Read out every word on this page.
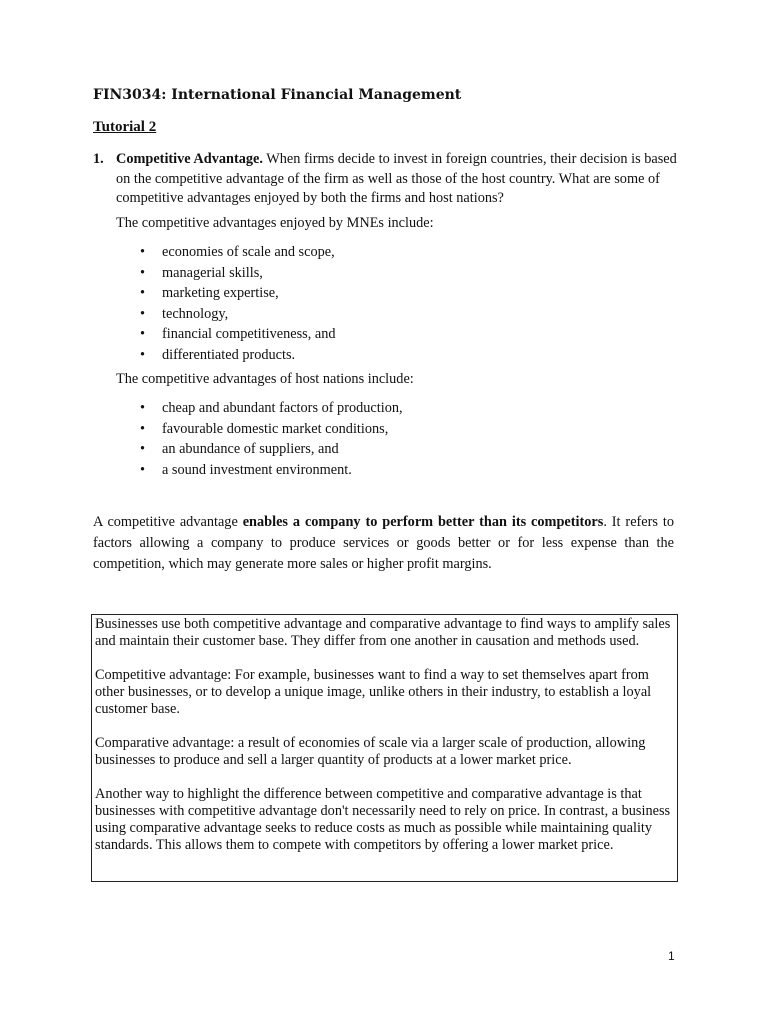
FIN3034: International Financial Management
Tutorial 2
1. Competitive Advantage. When firms decide to invest in foreign countries, their decision is based on the competitive advantage of the firm as well as those of the host country. What are some of competitive advantages enjoyed by both the firms and host nations?

The competitive advantages enjoyed by MNEs include:

• economies of scale and scope,
• managerial skills,
• marketing expertise,
• technology,
• financial competitiveness, and
• differentiated products.

The competitive advantages of host nations include:

• cheap and abundant factors of production,
• favourable domestic market conditions,
• an abundance of suppliers, and
• a sound investment environment.

A competitive advantage enables a company to perform better than its competitors. It refers to factors allowing a company to produce services or goods better or for less expense than the competition, which may generate more sales or higher profit margins.

Businesses use both competitive advantage and comparative advantage to find ways to amplify sales and maintain their customer base. They differ from one another in causation and methods used.

Competitive advantage: For example, businesses want to find a way to set themselves apart from other businesses, or to develop a unique image, unlike others in their industry, to establish a loyal customer base.

Comparative advantage: a result of economies of scale via a larger scale of production, allowing businesses to produce and sell a larger quantity of products at a lower market price.

Another way to highlight the difference between competitive and comparative advantage is that businesses with competitive advantage don't necessarily need to rely on price. In contrast, a business using comparative advantage seeks to reduce costs as much as possible while maintaining quality standards. This allows them to compete with competitors by offering a lower market price.

1
